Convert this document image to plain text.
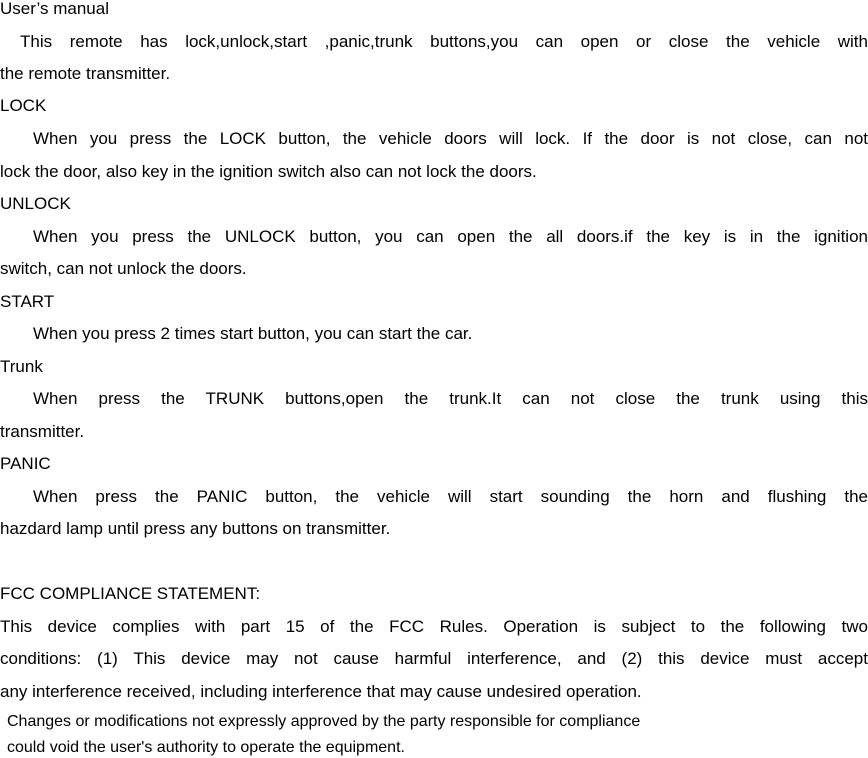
User’s manual
This remote has lock,unlock,start ,panic,trunk buttons,you can open or close the vehicle with
the remote transmitter.
LOCK
When you press the LOCK button, the vehicle doors will lock. If the door is not close, can not
lock the door, also key in the ignition switch also can not lock the doors.
UNLOCK
When you press the UNLOCK button, you can open the all doors.if the key is in the ignition
switch, can not unlock the doors.
START
When you press 2 times start button, you can start the car.
Trunk
When press the TRUNK buttons,open the trunk.It can not close the trunk using this
transmitter.
PANIC
When press the PANIC button, the vehicle will start sounding the horn and flushing the
hazdard lamp until press any buttons on transmitter.
FCC COMPLIANCE STATEMENT:
This device complies with part 15 of the FCC Rules. Operation is subject to the following two
conditions: (1) This device may not cause harmful interference, and (2) this device must accept
any interference received, including interference that may cause undesired operation.
Changes or modifications not expressly approved by the party responsible for compliance
could void the user's authority to operate the equipment.
